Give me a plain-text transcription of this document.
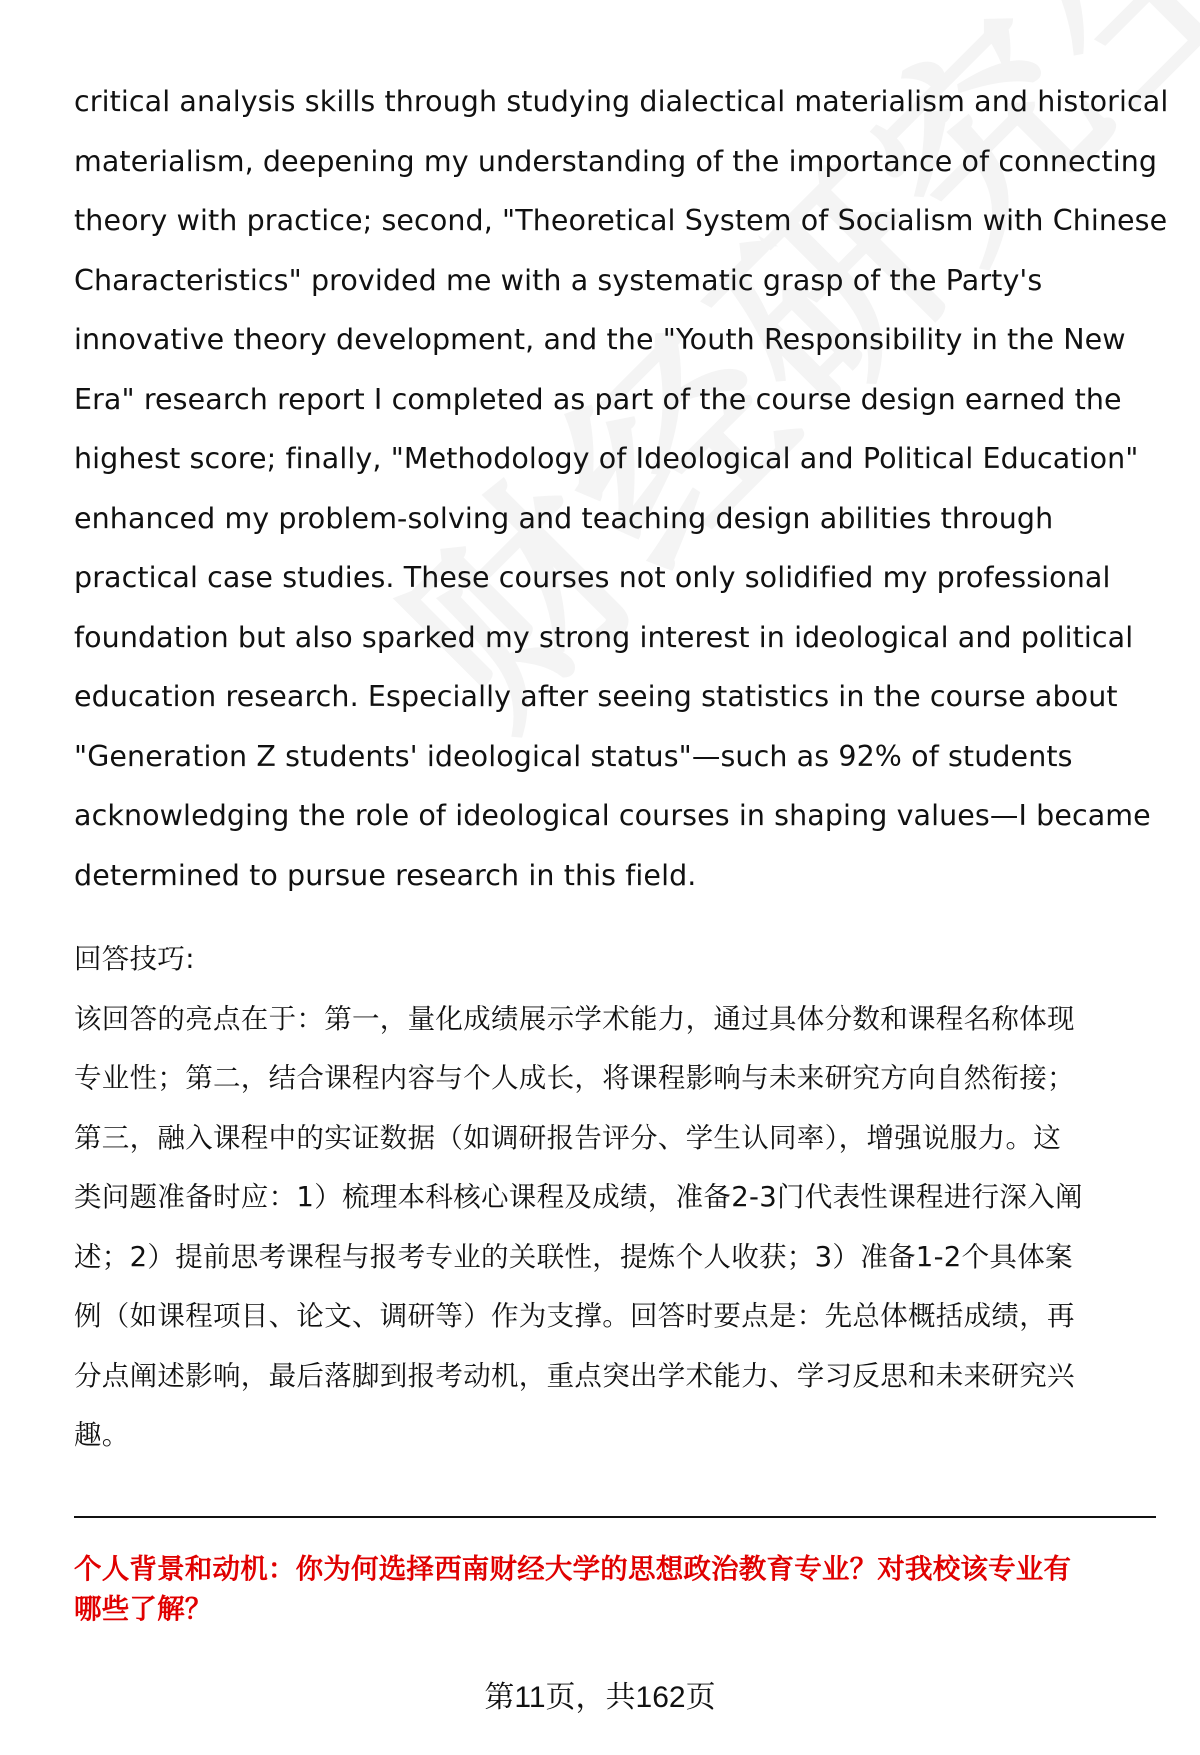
critical analysis skills through studying dialectical materialism and historical
materialism, deepening my understanding of the importance of connecting
theory with practice; second, "Theoretical System of Socialism with Chinese
Characteristics" provided me with a systematic grasp of the Party's
innovative theory development, and the "Youth Responsibility in the New
Era" research report I completed as part of the course design earned the
highest score; finally, "Methodology of Ideological and Political Education"
enhanced my problem-solving and teaching design abilities through
practical case studies. These courses not only solidified my professional
foundation but also sparked my strong interest in ideological and political
education research. Especially after seeing statistics in the course about
"Generation Z students' ideological status"—such as 92% of students
acknowledging the role of ideological courses in shaping values—I became
determined to pursue research in this field.
回答技巧:
该回答的亮点在于：第一，量化成绩展示学术能力，通过具体分数和课程名称体现
专业性；第二，结合课程内容与个人成长，将课程影响与未来研究方向自然衔接；
第三，融入课程中的实证数据（如调研报告评分、学生认同率），增强说服力。这
类问题准备时应：1）梳理本科核心课程及成绩，准备2-3门代表性课程进行深入阐
述；2）提前思考课程与报考专业的关联性，提炼个人收获；3）准备1-2个具体案
例（如课程项目、论文、调研等）作为支撑。回答时要点是：先总体概括成绩，再
分点阐述影响，最后落脚到报考动机，重点突出学术能力、学习反思和未来研究兴
趣。
个人背景和动机：你为何选择西南财经大学的思想政治教育专业？对我校该专业有
哪些了解？
第11页，共162页
